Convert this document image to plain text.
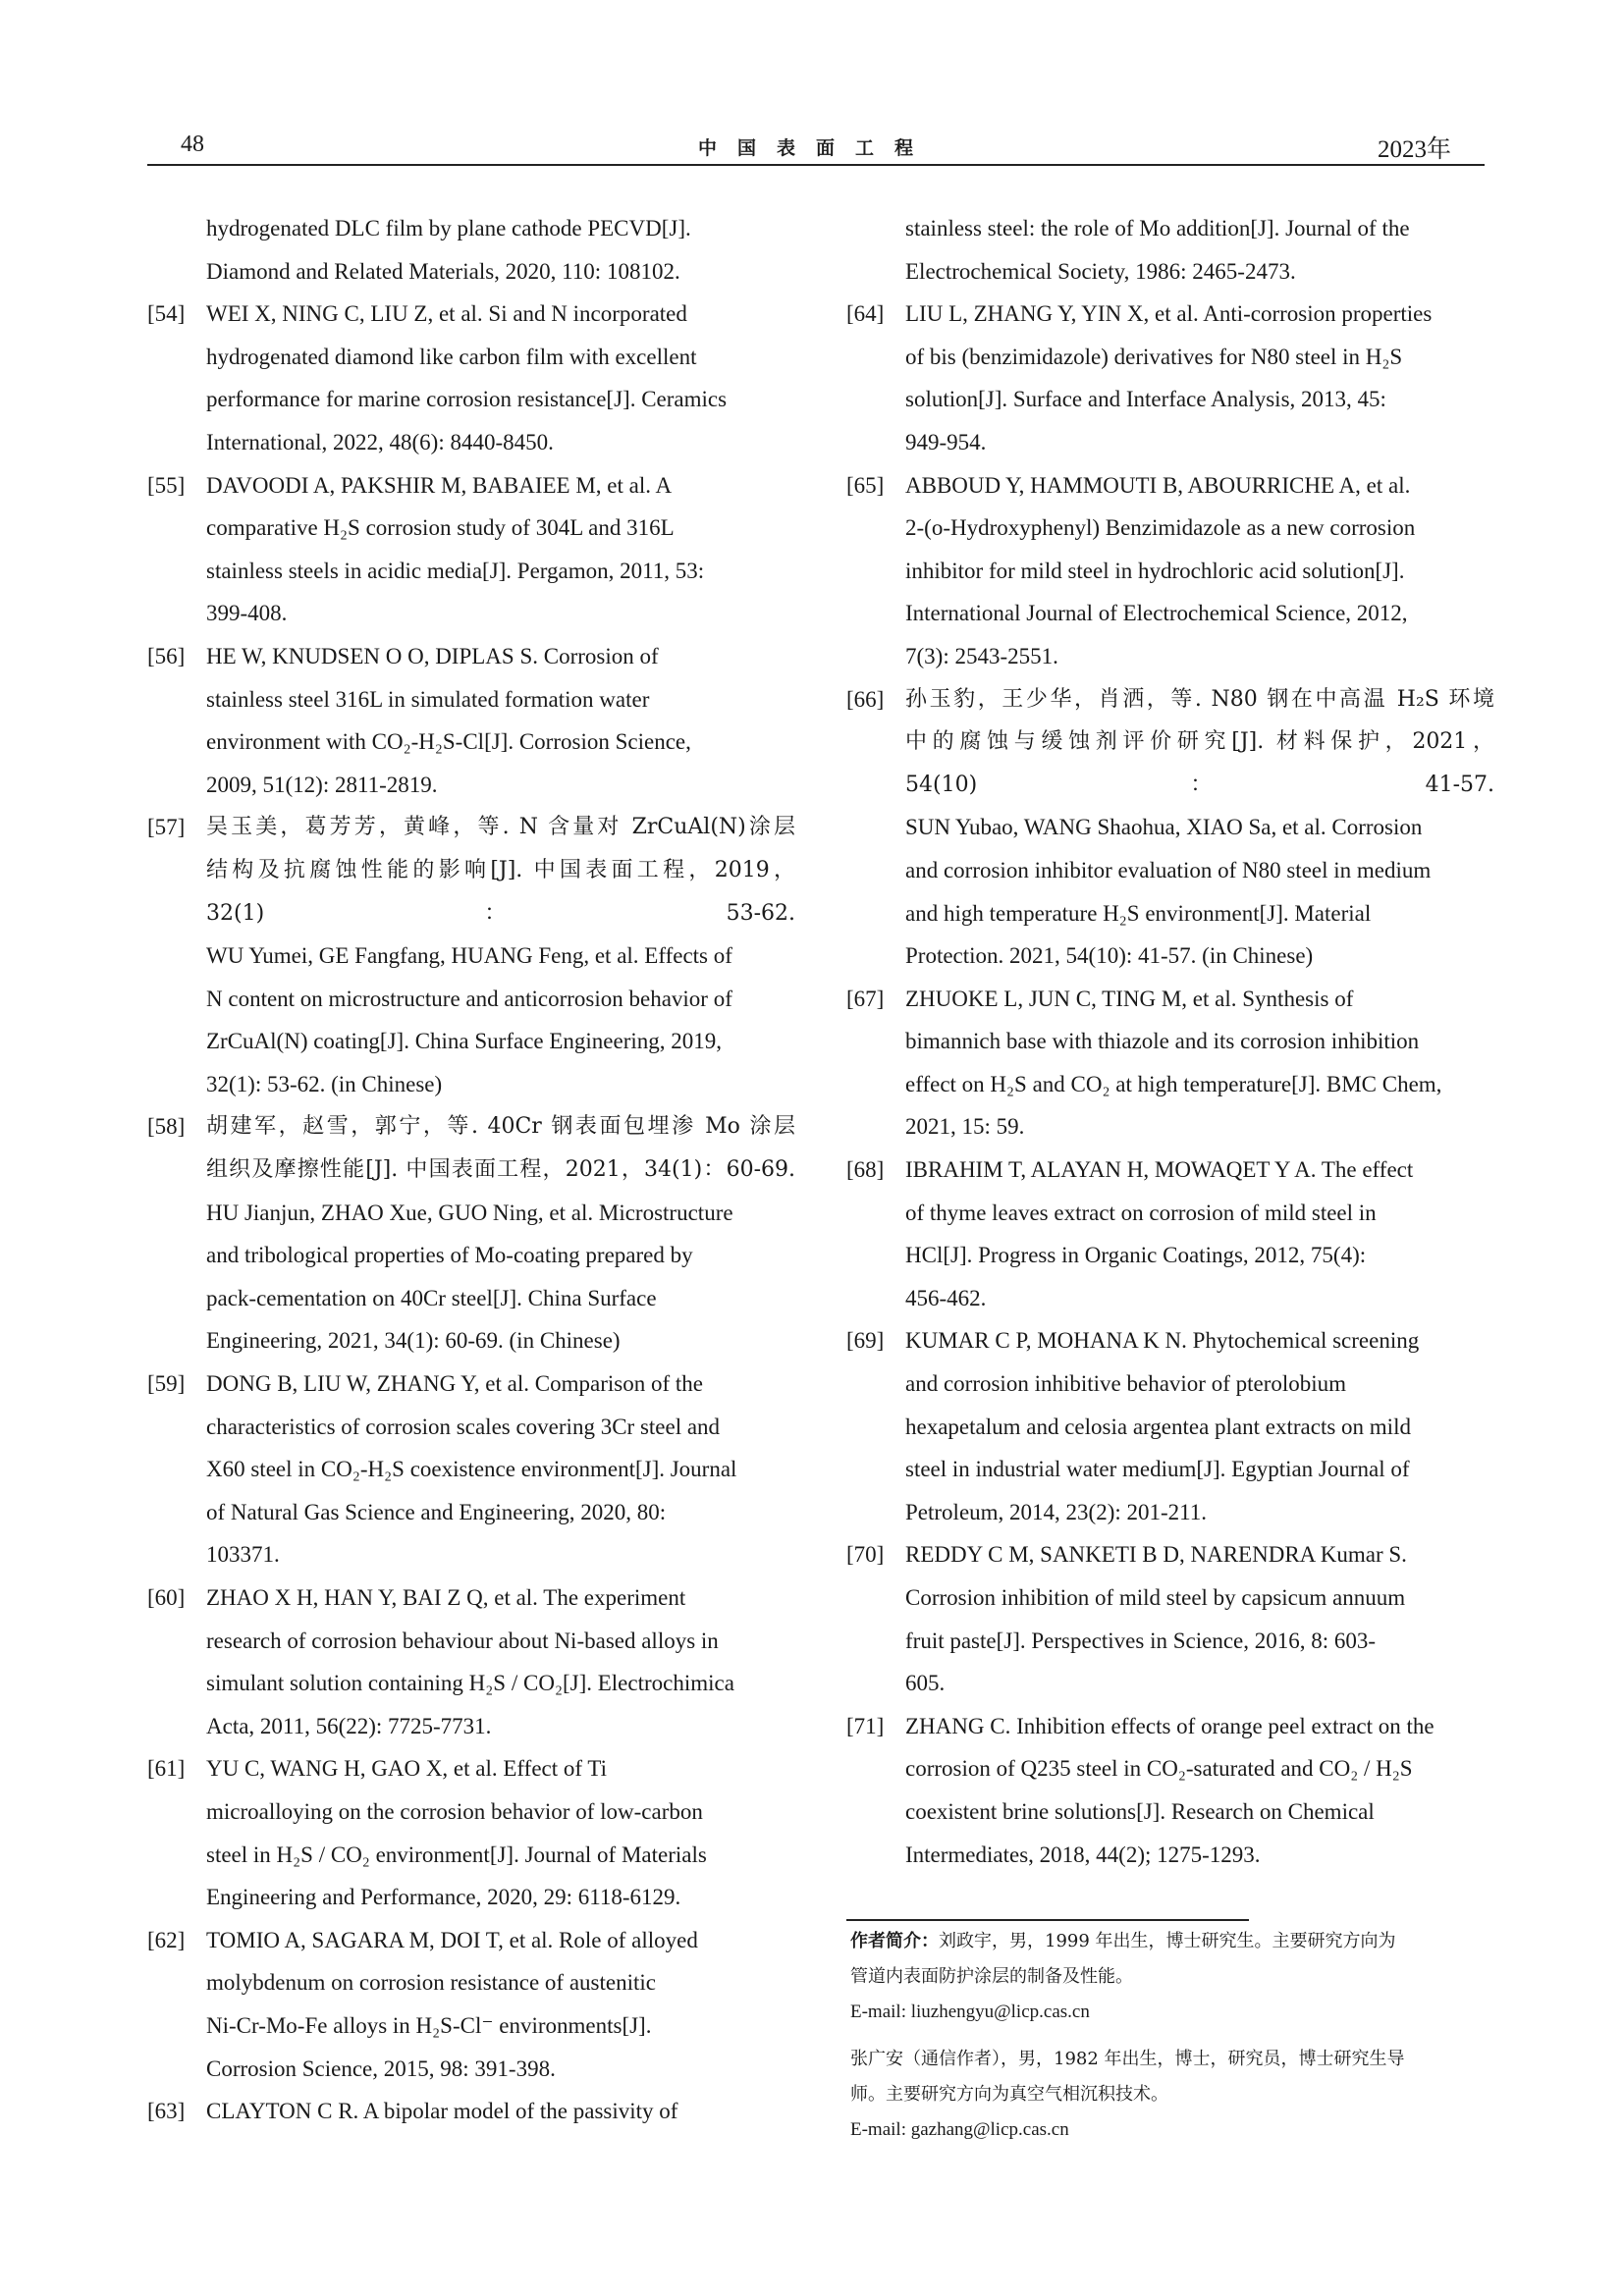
48	中国表面工程	2023年
hydrogenated DLC film by plane cathode PECVD[J].
Diamond and Related Materials, 2020, 110: 108102.
[54] WEI X, NING C, LIU Z, et al. Si and N incorporated
hydrogenated diamond like carbon film with excellent
performance for marine corrosion resistance[J]. Ceramics
International, 2022, 48(6): 8440-8450.
[55] DAVOODI A, PAKSHIR M, BABAIEE M, et al. A
comparative H₂S corrosion study of 304L and 316L
stainless steels in acidic media[J]. Pergamon, 2011, 53:
399-408.
[56] HE W, KNUDSEN O O, DIPLAS S. Corrosion of
stainless steel 316L in simulated formation water
environment with CO₂-H₂S-Cl[J]. Corrosion Science,
2009, 51(12): 2811-2819.
[57] 吴玉美，葛芳芳，黄峰，等. N 含量对 ZrCuAl(N)涂层
结构及抗腐蚀性能的影响[J]. 中国表面工程，2019，
32(1)：53-62.
WU Yumei, GE Fangfang, HUANG Feng, et al. Effects of
N content on microstructure and anticorrosion behavior of
ZrCuAl(N) coating[J]. China Surface Engineering, 2019,
32(1): 53-62. (in Chinese)
[58] 胡建军，赵雪，郭宁，等. 40Cr 钢表面包埋渗 Mo 涂层
组织及摩擦性能[J]. 中国表面工程，2021，34(1)：60-69.
HU Jianjun, ZHAO Xue, GUO Ning, et al. Microstructure
and tribological properties of Mo-coating prepared by
pack-cementation on 40Cr steel[J]. China Surface
Engineering, 2021, 34(1): 60-69. (in Chinese)
[59] DONG B, LIU W, ZHANG Y, et al. Comparison of the
characteristics of corrosion scales covering 3Cr steel and
X60 steel in CO₂-H₂S coexistence environment[J]. Journal
of Natural Gas Science and Engineering, 2020, 80:
103371.
[60] ZHAO X H, HAN Y, BAI Z Q, et al. The experiment
research of corrosion behaviour about Ni-based alloys in
simulant solution containing H₂S / CO₂[J]. Electrochimica
Acta, 2011, 56(22): 7725-7731.
[61] YU C, WANG H, GAO X, et al. Effect of Ti
microalloying on the corrosion behavior of low-carbon
steel in H₂S / CO₂ environment[J]. Journal of Materials
Engineering and Performance, 2020, 29: 6118-6129.
[62] TOMIO A, SAGARA M, DOI T, et al. Role of alloyed
molybdenum on corrosion resistance of austenitic
Ni-Cr-Mo-Fe alloys in H₂S-Cl⁻ environments[J].
Corrosion Science, 2015, 98: 391-398.
[63] CLAYTON C R. A bipolar model of the passivity of
stainless steel: the role of Mo addition[J]. Journal of the
Electrochemical Society, 1986: 2465-2473.
[64] LIU L, ZHANG Y, YIN X, et al. Anti-corrosion properties
of bis (benzimidazole) derivatives for N80 steel in H₂S
solution[J]. Surface and Interface Analysis, 2013, 45:
949-954.
[65] ABBOUD Y, HAMMOUTI B, ABOURRICHE A, et al.
2-(o-Hydroxyphenyl) Benzimidazole as a new corrosion
inhibitor for mild steel in hydrochloric acid solution[J].
International Journal of Electrochemical Science, 2012,
7(3): 2543-2551.
[66] 孙玉豹，王少华，肖洒，等. N80 钢在中高温 H₂S 环境
中的腐蚀与缓蚀剂评价研究[J]. 材料保护，2021，
54(10)：41-57.
SUN Yubao, WANG Shaohua, XIAO Sa, et al. Corrosion
and corrosion inhibitor evaluation of N80 steel in medium
and high temperature H₂S environment[J]. Material
Protection. 2021, 54(10): 41-57. (in Chinese)
[67] ZHUOKE L, JUN C, TING M, et al. Synthesis of
bimannich base with thiazole and its corrosion inhibition
effect on H₂S and CO₂ at high temperature[J]. BMC Chem,
2021, 15: 59.
[68] IBRAHIM T, ALAYAN H, MOWAQET Y A. The effect
of thyme leaves extract on corrosion of mild steel in
HCl[J]. Progress in Organic Coatings, 2012, 75(4):
456-462.
[69] KUMAR C P, MOHANA K N. Phytochemical screening
and corrosion inhibitive behavior of pterolobium
hexapetalum and celosia argentea plant extracts on mild
steel in industrial water medium[J]. Egyptian Journal of
Petroleum, 2014, 23(2): 201-211.
[70] REDDY C M, SANKETI B D, NARENDRA Kumar S.
Corrosion inhibition of mild steel by capsicum annuum
fruit paste[J]. Perspectives in Science, 2016, 8: 603-
605.
[71] ZHANG C. Inhibition effects of orange peel extract on the
corrosion of Q235 steel in CO₂-saturated and CO₂ / H₂S
coexistent brine solutions[J]. Research on Chemical
Intermediates, 2018, 44(2); 1275-1293.
作者简介：刘政宇，男，1999 年出生，博士研究生。主要研究方向为
管道内表面防护涂层的制备及性能。
E-mail: liuzhengyu@licp.cas.cn
张广安（通信作者），男，1982 年出生，博士，研究员，博士研究生导
师。主要研究方向为真空气相沉积技术。
E-mail: gazhang@licp.cas.cn
